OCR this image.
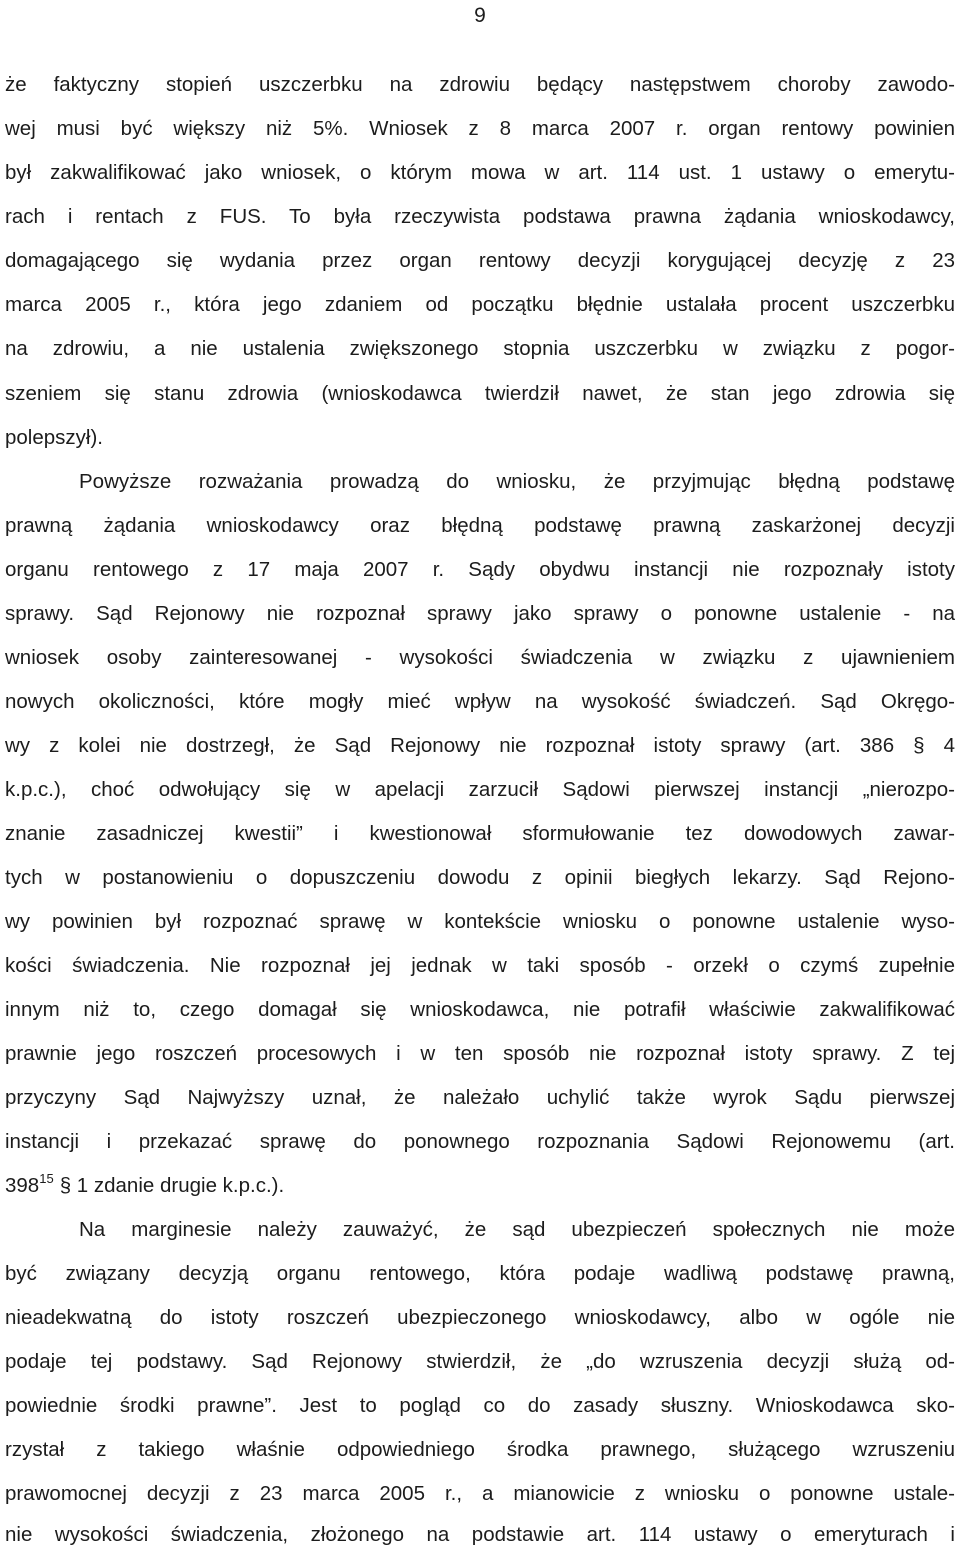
9
że faktyczny stopień uszczerbku na zdrowiu będący następstwem choroby zawodo-
wej musi być większy niż 5%. Wniosek z 8 marca 2007 r. organ rentowy powinien
był zakwalifikować jako wniosek, o którym mowa w art. 114 ust. 1 ustawy o emerytu-
rach i rentach z FUS. To była rzeczywista podstawa prawna żądania wnioskodawcy,
domagającego się wydania przez organ rentowy decyzji korygującej decyzję z 23
marca 2005 r., która jego zdaniem od początku błędnie ustalała procent uszczerbku
na zdrowiu, a nie ustalenia zwiększonego stopnia uszczerbku w związku z pogor-
szeniem się stanu zdrowia (wnioskodawca twierdził nawet, że stan jego zdrowia się
polepszył).
Powyższe rozważania prowadzą do wniosku, że przyjmując błędną podstawę
prawną żądania wnioskodawcy oraz błędną podstawę prawną zaskarżonej decyzji
organu rentowego z 17 maja 2007 r. Sądy obydwu instancji nie rozpoznały istoty
sprawy. Sąd Rejonowy nie rozpoznał sprawy jako sprawy o ponowne ustalenie - na
wniosek osoby zainteresowanej - wysokości świadczenia w związku z ujawnieniem
nowych okoliczności, które mogły mieć wpływ na wysokość świadczeń. Sąd Okręgo-
wy z kolei nie dostrzegł, że Sąd Rejonowy nie rozpoznał istoty sprawy (art. 386 § 4
k.p.c.), choć odwołujący się w apelacji zarzucił Sądowi pierwszej instancji „nierozpo-
znanie zasadniczej kwestii” i kwestionował sformułowanie tez dowodowych zawar-
tych w postanowieniu o dopuszczeniu dowodu z opinii biegłych lekarzy. Sąd Rejono-
wy powinien był rozpoznać sprawę w kontekście wniosku o ponowne ustalenie wyso-
kości świadczenia. Nie rozpoznał jej jednak w taki sposób - orzekł o czymś zupełnie
innym niż to, czego domagał się wnioskodawca, nie potrafił właściwie zakwalifikować
prawnie jego roszczeń procesowych i w ten sposób nie rozpoznał istoty sprawy. Z tej
przyczyny Sąd Najwyższy uznał, że należało uchylić także wyrok Sądu pierwszej
instancji i przekazać sprawę do ponownego rozpoznania Sądowi Rejonowemu (art.
$398^{15}$ § 1 zdanie drugie k.p.c.).
Na marginesie należy zauważyć, że sąd ubezpieczeń społecznych nie może
być związany decyzją organu rentowego, która podaje wadliwą podstawę prawną,
nieadekwatną do istoty roszczeń ubezpieczonego wnioskodawcy, albo w ogóle nie
podaje tej podstawy. Sąd Rejonowy stwierdził, że „do wzruszenia decyzji służą od-
powiednie środki prawne”. Jest to pogląd co do zasady słuszny. Wnioskodawca sko-
rzystał z takiego właśnie odpowiedniego środka prawnego, służącego wzruszeniu
prawomocnej decyzji z 23 marca 2005 r., a mianowicie z wniosku o ponowne ustale-
nie wysokości świadczenia, złożonego na podstawie art. 114 ustawy o emeryturach i
